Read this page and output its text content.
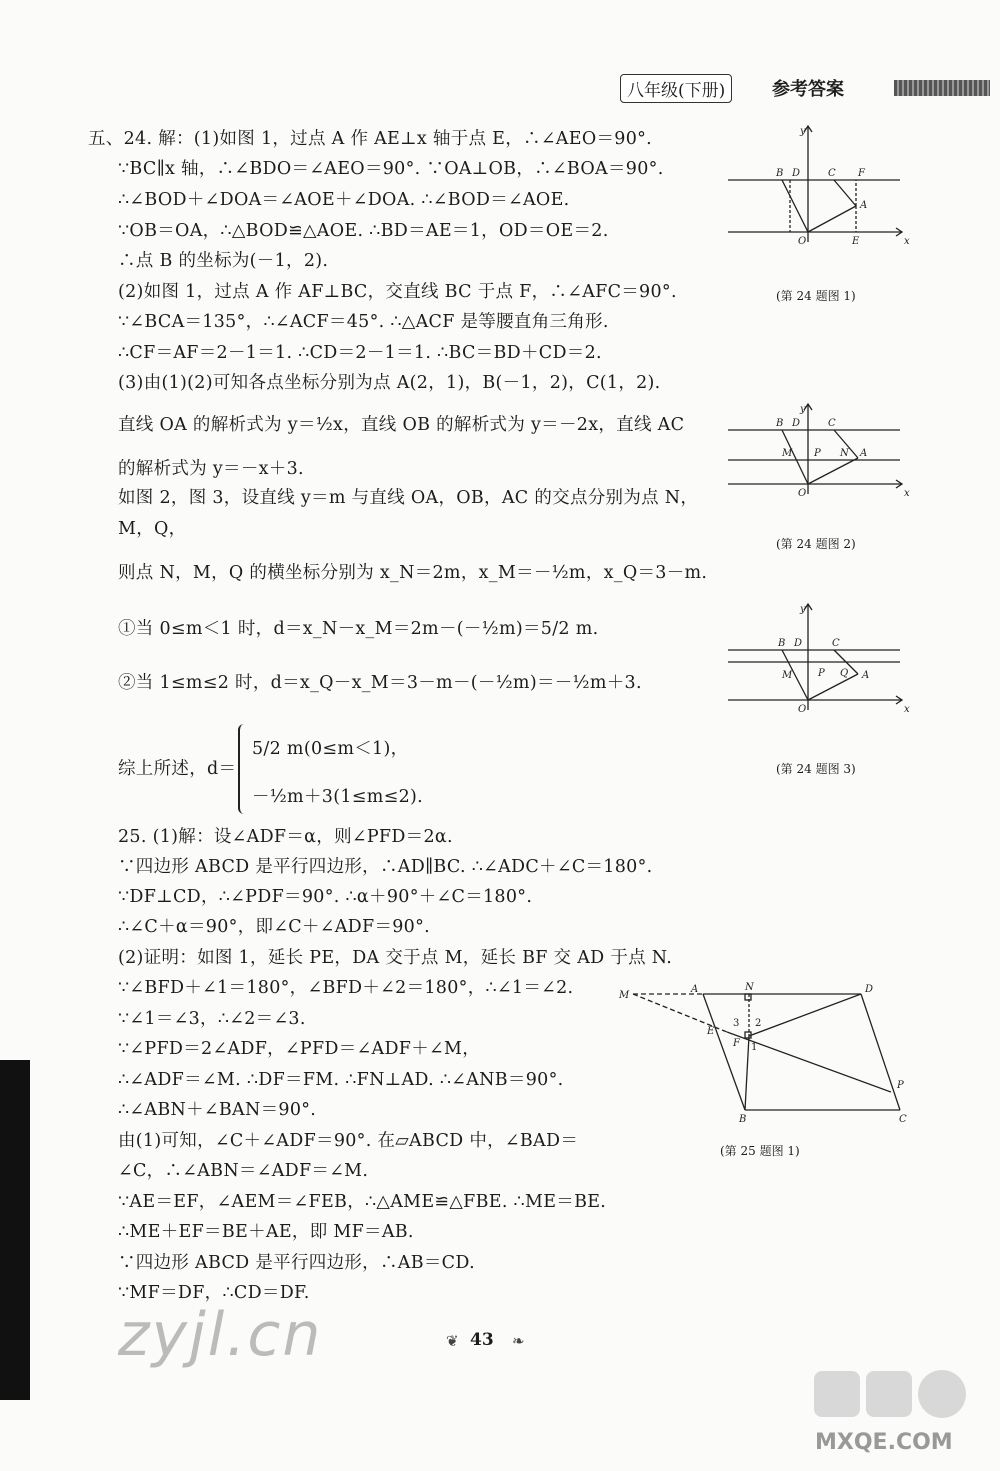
八年级(下册)	参考答案
五、24. 解：(1)如图 1，过点 A 作 AE⊥x 轴于点 E，∴∠AEO＝90°.
∵BC∥x 轴，∴∠BDO＝∠AEO＝90°. ∵OA⊥OB，∴∠BOA＝90°.
∴∠BOD＋∠DOA＝∠AOE＋∠DOA. ∴∠BOD＝∠AOE.
∵OB＝OA，∴△BOD≌△AOE. ∴BD＝AE＝1，OD＝OE＝2.
∴点 B 的坐标为(－1，2).
(2)如图 1，过点 A 作 AF⊥BC，交直线 BC 于点 F，∴∠AFC＝90°.
∵∠BCA＝135°，∴∠ACF＝45°. ∴△ACF 是等腰直角三角形.
∴CF＝AF＝2－1＝1. ∴CD＝2－1＝1. ∴BC＝BD＋CD＝2.
(3)由(1)(2)可知各点坐标分别为点 A(2，1)，B(－1，2)，C(1，2).
直线 OA 的解析式为 y＝½x，直线 OB 的解析式为 y＝－2x，直线 AC
的解析式为 y＝－x＋3.
如图 2，图 3，设直线 y＝m 与直线 OA，OB，AC 的交点分别为点 N，
M，Q，
则点 N，M，Q 的横坐标分别为 x_N＝2m，x_M＝－½m，x_Q＝3－m.
①当 0≤m＜1 时，d＝x_N－x_M＝2m－(－½m)＝5/2 m.
②当 1≤m≤2 时，d＝x_Q－x_M＝3－m－(－½m)＝－½m＋3.
5/2 m(0≤m＜1)，
综上所述，d＝
－½m＋3(1≤m≤2).
25. (1)解：设∠ADF＝α，则∠PFD＝2α.
∵四边形 ABCD 是平行四边形，∴AD∥BC. ∴∠ADC＋∠C＝180°.
∵DF⊥CD，∴∠PDF＝90°. ∴α＋90°＋∠C＝180°.
∴∠C＋α＝90°，即∠C＋∠ADF＝90°.
(2)证明：如图 1，延长 PE，DA 交于点 M，延长 BF 交 AD 于点 N.
∵∠BFD＋∠1＝180°，∠BFD＋∠2＝180°，∴∠1＝∠2.
∵∠1＝∠3，∴∠2＝∠3.
∵∠PFD＝2∠ADF，∠PFD＝∠ADF＋∠M，
∴∠ADF＝∠M. ∴DF＝FM. ∴FN⊥AD. ∴∠ANB＝90°.
∴∠ABN＋∠BAN＝90°.
由(1)可知，∠C＋∠ADF＝90°. 在▱ABCD 中，∠BAD＝
∠C，∴∠ABN＝∠ADF＝∠M.
∵AE＝EF，∠AEM＝∠FEB，∴△AME≌△FBE. ∴ME＝BE.
∴ME＋EF＝BE＋AE，即 MF＝AB.
∵四边形 ABCD 是平行四边形，∴AB＝CD.
∵MF＝DF，∴CD＝DF.
y
x
B D	C F
A
O	E
(第 24 题图 1)
y
x
B D	C
M P N A
O
(第 24 题图 2)
y
x
B D	C
M	P Q A
O
(第 24 题图 3)
M
A	N	D
E
F
3 2
1
B	C
P
(第 25 题图 1)
zyjl.cn	❦ 43 ❧
MXQE.COM
